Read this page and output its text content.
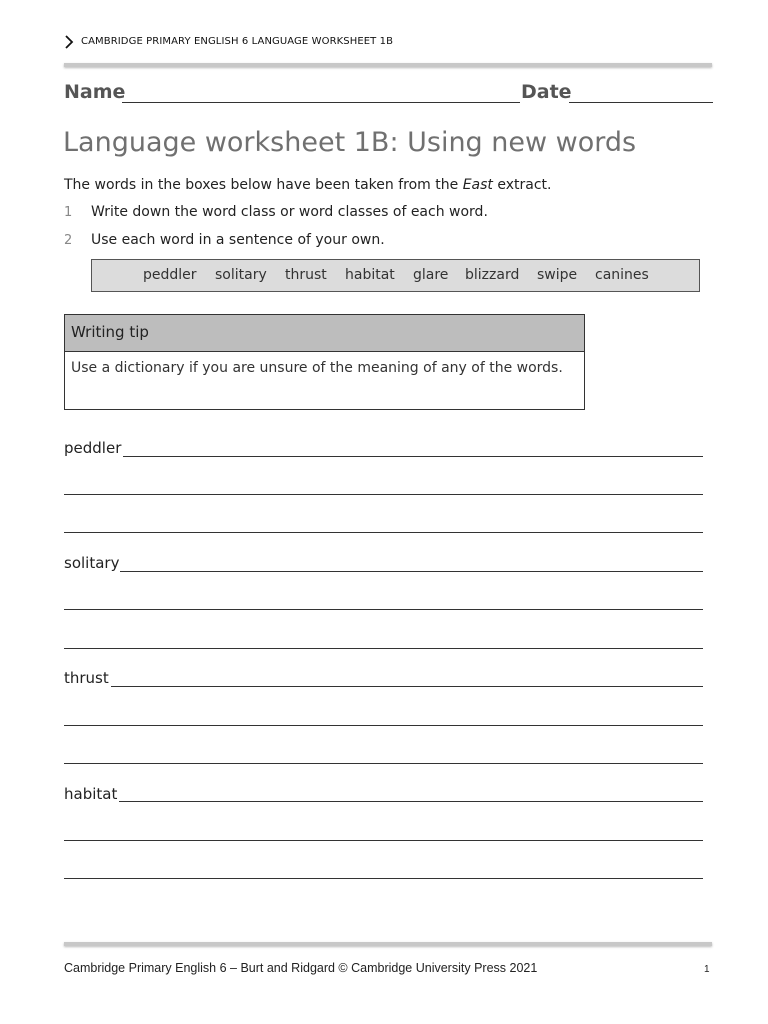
CAMBRIDGE PRIMARY ENGLISH 6 LANGUAGE WORKSHEET 1B
Name	Date
Language worksheet 1B: Using new words
The words in the boxes below have been taken from the East extract.
1 Write down the word class or word classes of each word.
2 Use each word in a sentence of your own.
peddler solitary thrust habitat glare blizzard swipe canines
Writing tip
Use a dictionary if you are unsure of the meaning of any of the words.
peddler
solitary
thrust
habitat
Cambridge Primary English 6 – Burt and Ridgard © Cambridge University Press 2021	1
